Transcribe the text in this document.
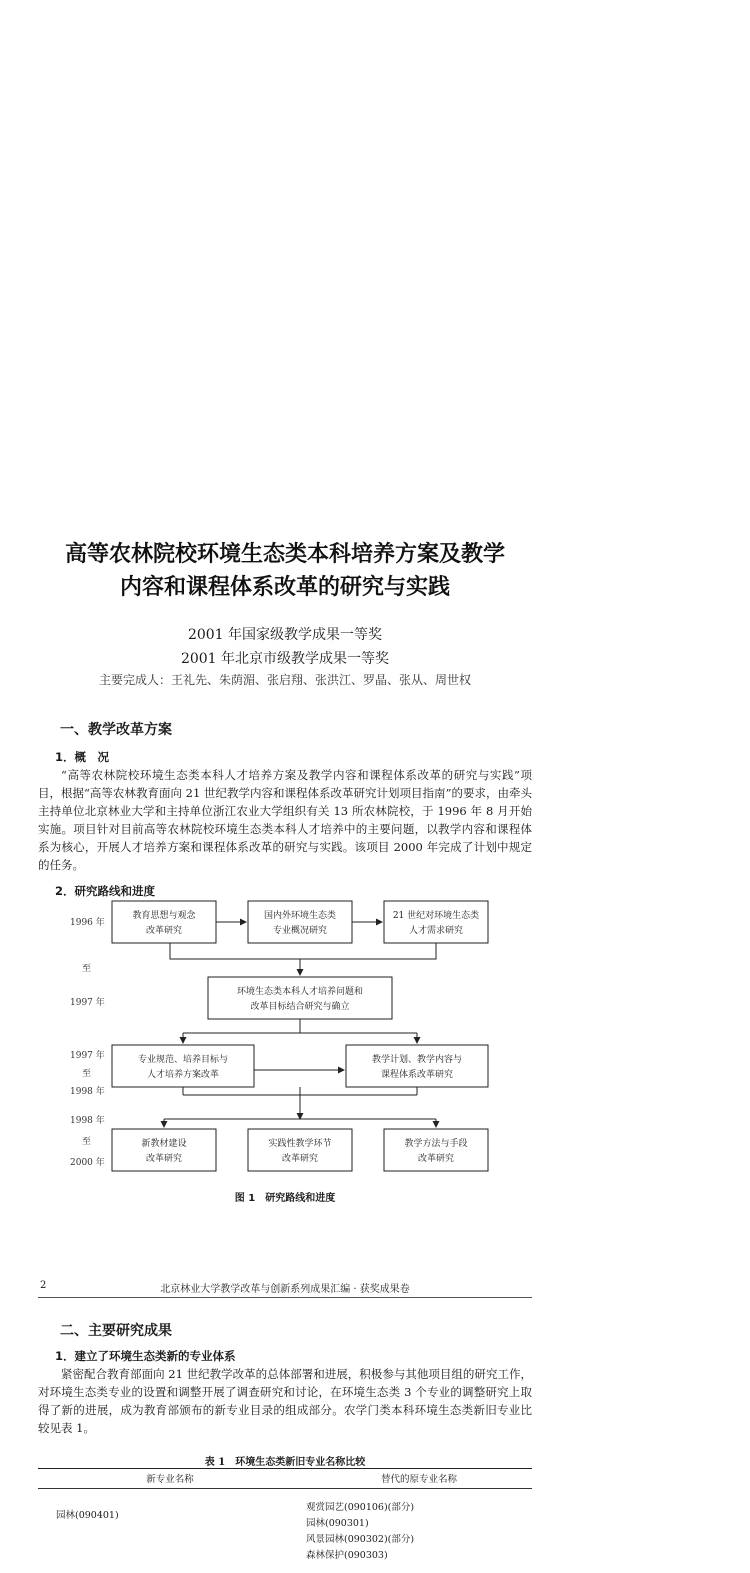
高等农林院校环境生态类本科培养方案及教学
内容和课程体系改革的研究与实践
2001 年国家级教学成果一等奖
2001 年北京市级教学成果一等奖
主要完成人：王礼先、朱荫湄、张启翔、张洪江、罗晶、张从、周世权
一、教学改革方案
1．概　况

“高等农林院校环境生态类本科人才培养方案及教学内容和课程体系改革的研究与实践”项目，根据“高等农林教育面向 21 世纪教学内容和课程体系改革研究计划项目指南”的要求，由牵头主持单位北京林业大学和主持单位浙江农业大学组织有关 13 所农林院校，于 1996 年 8 月开始实施。项目针对目前高等农林院校环境生态类本科人才培养中的主要问题，以教学内容和课程体系为核心，开展人才培养方案和课程体系改革的研究与实践。该项目 2000 年完成了计划中规定的任务。

2．研究路线和进度
1996 年
至
1997 年
1997 年
至
1998 年
1998 年
至
2000 年
教育思想与观念
改革研究
国内外环境生态类
专业概况研究
21 世纪对环境生态类
人才需求研究
环境生态类本科人才培养问题和
改革目标结合研究与确立
专业规范、培养目标与
人才培养方案改革
教学计划、教学内容与
课程体系改革研究
新教材建设
改革研究
实践性教学环节
改革研究
教学方法与手段
改革研究
图 1　研究路线和进度
2	北京林业大学教学改革与创新系列成果汇编 · 获奖成果卷
二、主要研究成果
1．建立了环境生态类新的专业体系

紧密配合教育部面向 21 世纪教学改革的总体部署和进展，积极参与其他项目组的研究工作，对环境生态类专业的设置和调整开展了调查研究和讨论，在环境生态类 3 个专业的调整研究上取得了新的进展，成为教育部颁布的新专业目录的组成部分。农学门类本科环境生态类新旧专业比较见表 1。

表 1　环境生态类新旧专业名称比较
新专业名称	替代的原专业名称
园林(090401)	观赏园艺(090106)(部分)
园林(090301)
风景园林(090302)(部分)
森林保护(090303)
